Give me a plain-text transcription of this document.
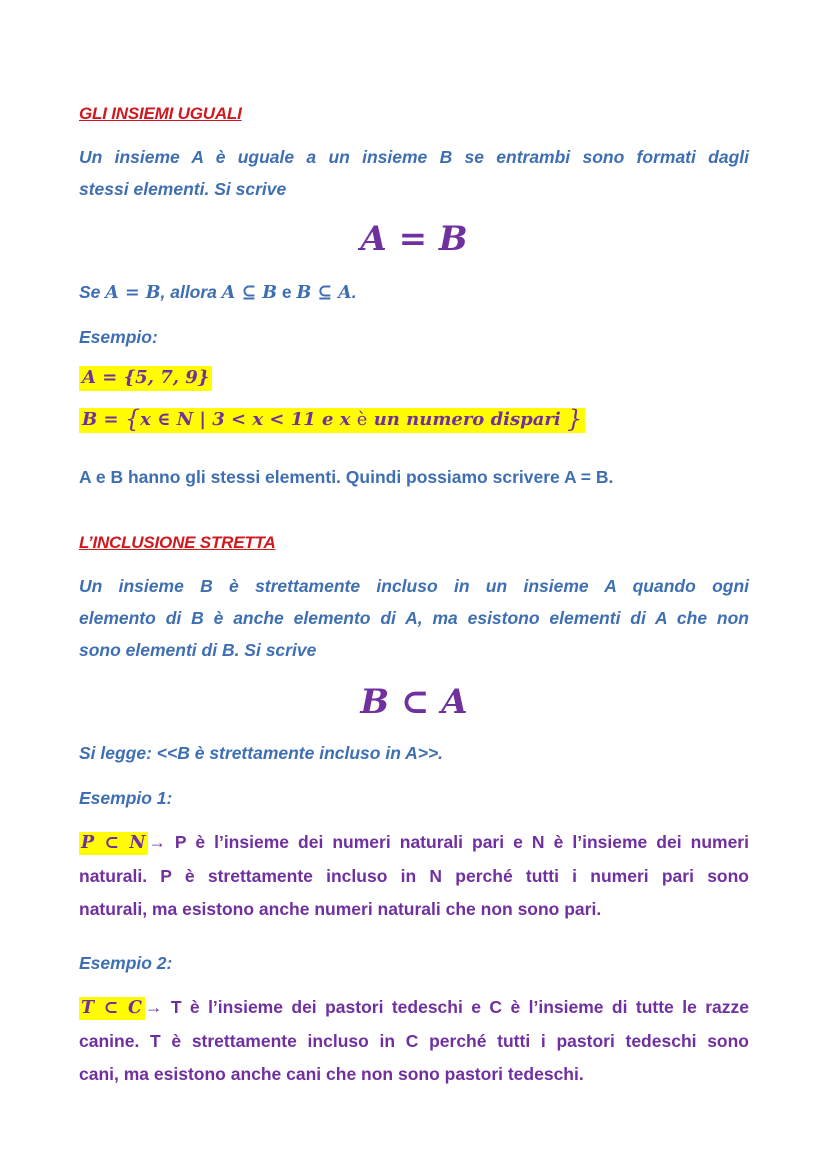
GLI INSIEMI UGUALI
Un insieme A è uguale a un insieme B se entrambi sono formati dagli
stessi elementi. Si scrive
A = B
Se A = B, allora A ⊆ B e B ⊆ A.
Esempio:
A = {5, 7, 9}
B = {x ∈ N | 3 < x < 11 e x è un numero dispari }
A e B hanno gli stessi elementi. Quindi possiamo scrivere A = B.
L’INCLUSIONE STRETTA
Un insieme B è strettamente incluso in un insieme A quando ogni
elemento di B è anche elemento di A, ma esistono elementi di A che non
sono elementi di B. Si scrive
B ⊂ A
Si legge: <<B è strettamente incluso in A>>.
Esempio 1:
P ⊂ N → P è l’insieme dei numeri naturali pari e N è l’insieme dei numeri
naturali. P è strettamente incluso in N perché tutti i numeri pari sono
naturali, ma esistono anche numeri naturali che non sono pari.
Esempio 2:
T ⊂ C → T è l’insieme dei pastori tedeschi e C è l’insieme di tutte le razze
canine. T è strettamente incluso in C perché tutti i pastori tedeschi sono
cani, ma esistono anche cani che non sono pastori tedeschi.
